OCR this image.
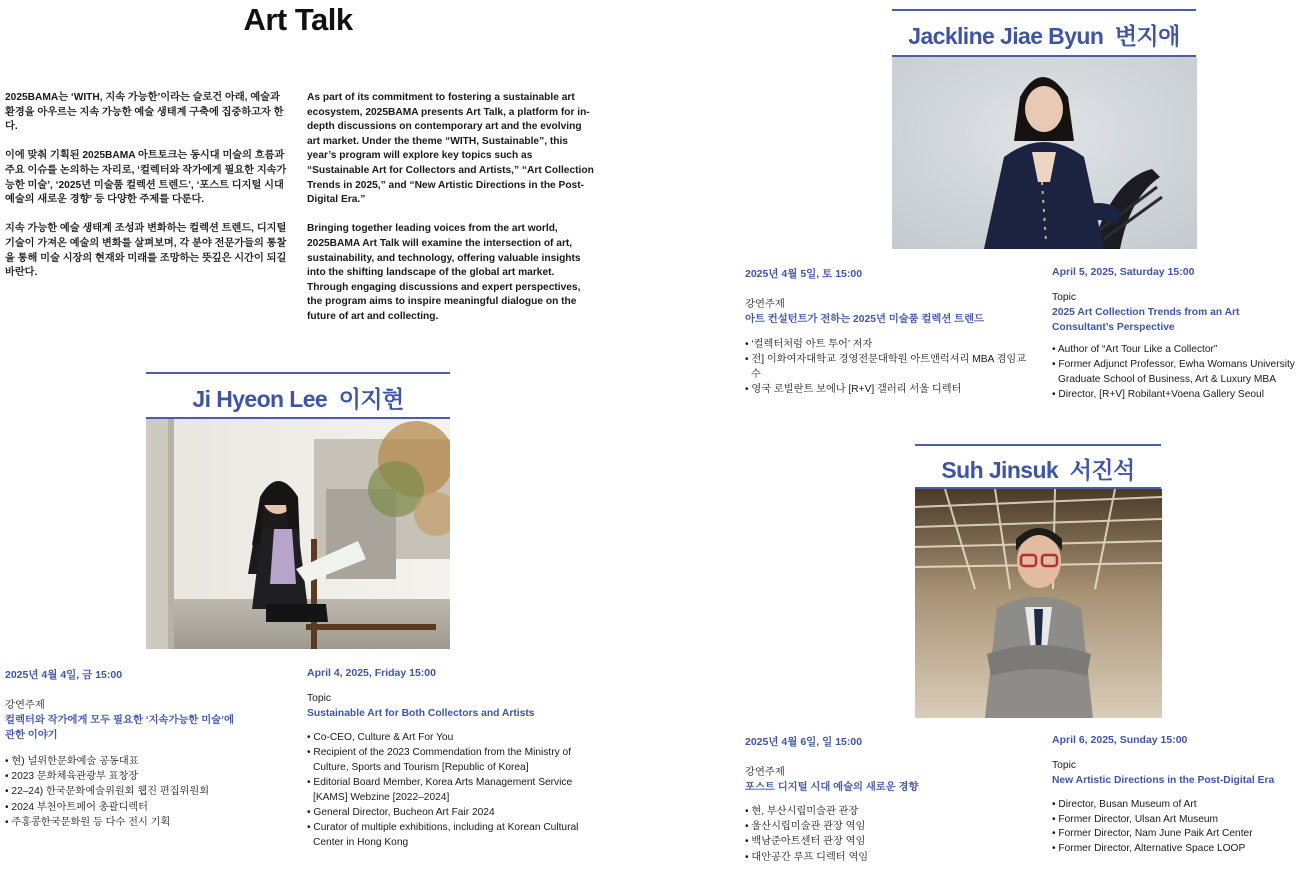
Art Talk

2025BAMA는 ‘WITH, 지속 가능한’이라는 슬로건 아래, 예술과 환경을 아우르는 지속 가능한 예술 생태계 구축에 집중하고자 한다.

이에 맞춰 기획된 2025BAMA 아트토크는 동시대 미술의 흐름과 주요 이슈를 논의하는 자리로, ‘컬렉터와 작가에게 필요한 지속가능한 미술’, ‘2025년 미술품 컬렉션 트렌드’, ‘포스트 디지털 시대 예술의 새로운 경향’ 등 다양한 주제를 다룬다.

지속 가능한 예술 생태계 조성과 변화하는 컬렉션 트렌드, 디지털 기술이 가져온 예술의 변화를 살펴보며, 각 분야 전문가들의 통찰을 통해 미술 시장의 현재와 미래를 조망하는 뜻깊은 시간이 되길 바란다.

As part of its commitment to fostering a sustainable art ecosystem, 2025BAMA presents Art Talk, a platform for in-depth discussions on contemporary art and the evolving art market. Under the theme “WITH, Sustainable”, this year’s program will explore key topics such as “Sustainable Art for Collectors and Artists,” “Art Collection Trends in 2025,” and “New Artistic Directions in the Post-Digital Era.”

Bringing together leading voices from the art world, 2025BAMA Art Talk will examine the intersection of art, sustainability, and technology, offering valuable insights into the shifting landscape of the global art market. Through engaging discussions and expert perspectives, the program aims to inspire meaningful dialogue on the future of art and collecting.

Ji Hyeon Lee 이지현
2025년 4월 4일, 금 15:00
강연주제
컬렉터와 작가에게 모두 필요한 ‘지속가능한 미술’에 관한 이야기
• 현) 널위한문화예술 공동대표
• 2023 문화체육관광부 표창장
• 22–24) 한국문화예술위원회 웹진 편집위원회
• 2024 부천아트페어 총괄디렉터
• 주홍콩한국문화원 등 다수 전시 기획
April 4, 2025, Friday 15:00
Topic
Sustainable Art for Both Collectors and Artists
• Co-CEO, Culture & Art For You
• Recipient of the 2023 Commendation from the Ministry of Culture, Sports and Tourism [Republic of Korea]
• Editorial Board Member, Korea Arts Management Service [KAMS] Webzine [2022–2024]
• General Director, Bucheon Art Fair 2024
• Curator of multiple exhibitions, including at Korean Cultural Center in Hong Kong
Jackline Jiae Byun 변지애
2025년 4월 5일, 토 15:00
강연주제
아트 컨설턴트가 전하는 2025년 미술품 컬렉션 트렌드
• ‘컬렉터처럼 아트 투어’ 저자
• 전] 이화여자대학교 경영전문대학원 아트앤럭셔리 MBA 겸임교수
• 영국 로빌란트 보에나 [R+V] 갤러리 서울 디렉터
April 5, 2025, Saturday 15:00
Topic
2025 Art Collection Trends from an Art Consultant’s Perspective
• Author of “Art Tour Like a Collector”
• Former Adjunct Professor, Ewha Womans University Graduate School of Business, Art & Luxury MBA
• Director, [R+V] Robilant+Voena Gallery Seoul
Suh Jinsuk 서진석
2025년 4월 6일, 일 15:00
강연주제
포스트 디지털 시대 예술의 새로운 경향
• 현, 부산시립미술관 관장
• 울산시립미술관 관장 역임
• 백남준아트센터 관장 역임
• 대안공간 루프 디렉터 역임
April 6, 2025, Sunday 15:00
Topic
New Artistic Directions in the Post-Digital Era
• Director, Busan Museum of Art
• Former Director, Ulsan Art Museum
• Former Director, Nam June Paik Art Center
• Former Director, Alternative Space LOOP
